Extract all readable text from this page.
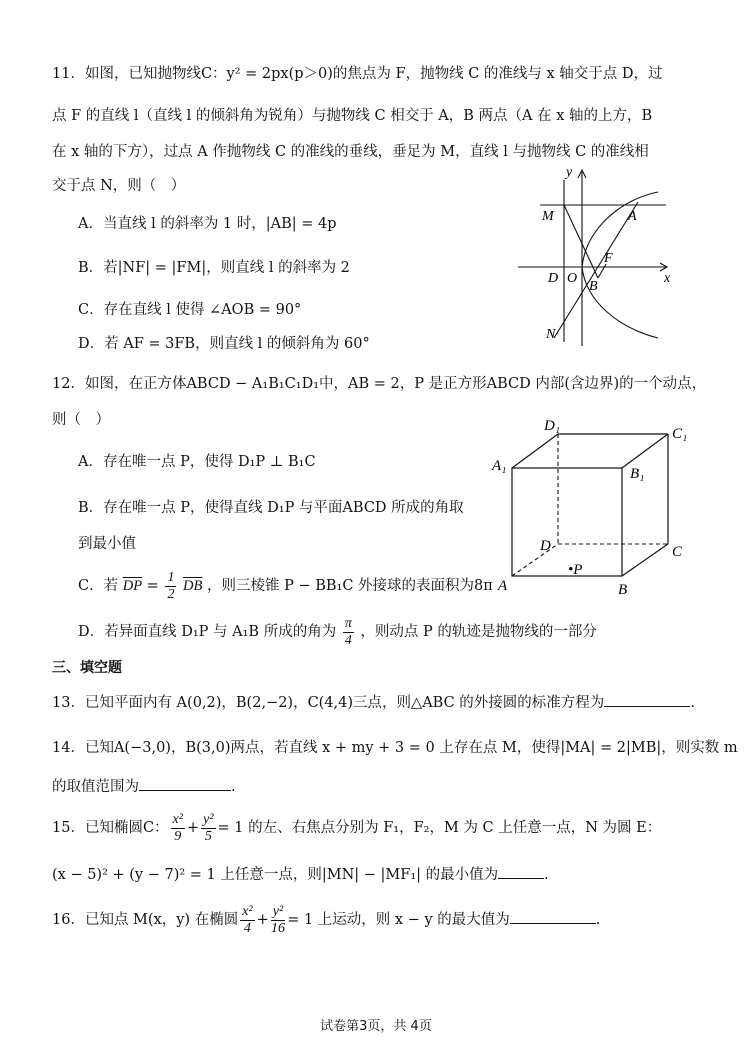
11．如图，已知抛物线C：y² = 2px(p＞0)的焦点为 F，抛物线 C 的准线与 x 轴交于点 D，过
点 F 的直线 l（直线 l 的倾斜角为锐角）与抛物线 C 相交于 A，B 两点（A 在 x 轴的上方，B
在 x 轴的下方），过点 A 作抛物线 C 的准线的垂线，垂足为 M，直线 l 与抛物线 C 的准线相
交于点 N，则（　）
A．当直线 l 的斜率为 1 时，|AB| = 4p
B．若|NF| = |FM|，则直线 l 的斜率为 2
C．存在直线 l 使得 ∠AOB = 90°
D．若 AF = 3FB，则直线 l 的倾斜角为 60°
y
x
M	A
D O
F
B
N
12．如图，在正方体ABCD − A₁B₁C₁D₁中，AB = 2，P 是正方形ABCD 内部(含边界)的一个动点，
则（　）
A．存在唯一点 P，使得 D₁P ⊥ B₁C
B．存在唯一点 P，使得直线 D₁P 与平面ABCD 所成的角取
到最小值
C．若 $\overline{DP} = \frac{1}{2} \overline{DB}$ ，则三棱锥 P − BB₁C 外接球的表面积为8π
D．若异面直线 D₁P 与 A₁B 所成的角为 $\frac{\pi}{4}$ ，则动点 P 的轨迹是抛物线的一部分
D₁	C₁
A₁	B₁
D	C
A	B
•P
三、填空题
13．已知平面内有 A(0,2)，B(2,−2)，C(4,4)三点，则△ABC 的外接圆的标准方程为	.
14．已知A(−3,0)，B(3,0)两点，若直线 x + my + 3 = 0 上存在点 M，使得|MA| = 2|MB|，则实数 m
的取值范围为	.
15．已知椭圆C： $\frac{\text{x²}}{9} + \frac{\text{y²}}{5} = 1$ 的左、右焦点分别为 F₁，F₂，M 为 C 上任意一点，N 为圆 E：
(x − 5)² + (y − 7)² = 1 上任意一点，则|MN| − |MF₁| 的最小值为	.
16．已知点 M(x，y) 在椭圆 $\frac{\text{x²}}{4} + \frac{\text{y²}}{16} = 1$ 上运动，则 x − y 的最大值为	.
试卷第3页，共 4页
